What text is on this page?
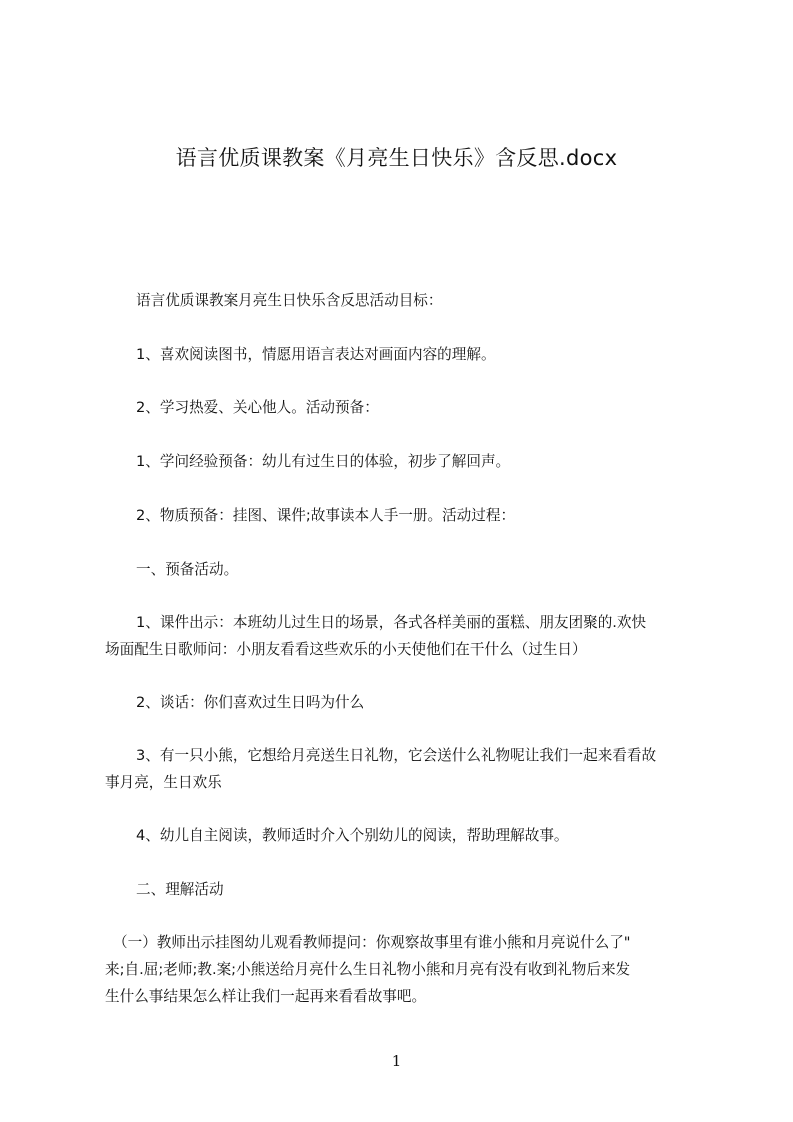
语言优质课教案《月亮生日快乐》含反思.docx
语言优质课教案月亮生日快乐含反思活动目标：
1、喜欢阅读图书，情愿用语言表达对画面内容的理解。
2、学习热爱、关心他人。活动预备：
1、学问经验预备：幼儿有过生日的体验，初步了解回声。
2、物质预备：挂图、课件;故事读本人手一册。活动过程：
一、预备活动。
1、课件出示：本班幼儿过生日的场景，各式各样美丽的蛋糕、朋友团聚的.欢快
场面配生日歌师问：小朋友看看这些欢乐的小天使他们在干什么（过生日）
2、谈话：你们喜欢过生日吗为什么
3、有一只小熊，它想给月亮送生日礼物，它会送什么礼物呢让我们一起来看看故
事月亮，生日欢乐
4、幼儿自主阅读，教师适时介入个别幼儿的阅读，帮助理解故事。
二、理解活动
（一）教师出示挂图幼儿观看教师提问：你观察故事里有谁小熊和月亮说什么了"
来;自.屈;老师;教.案;小熊送给月亮什么生日礼物小熊和月亮有没有收到礼物后来发
生什么事结果怎么样让我们一起再来看看故事吧。
1
